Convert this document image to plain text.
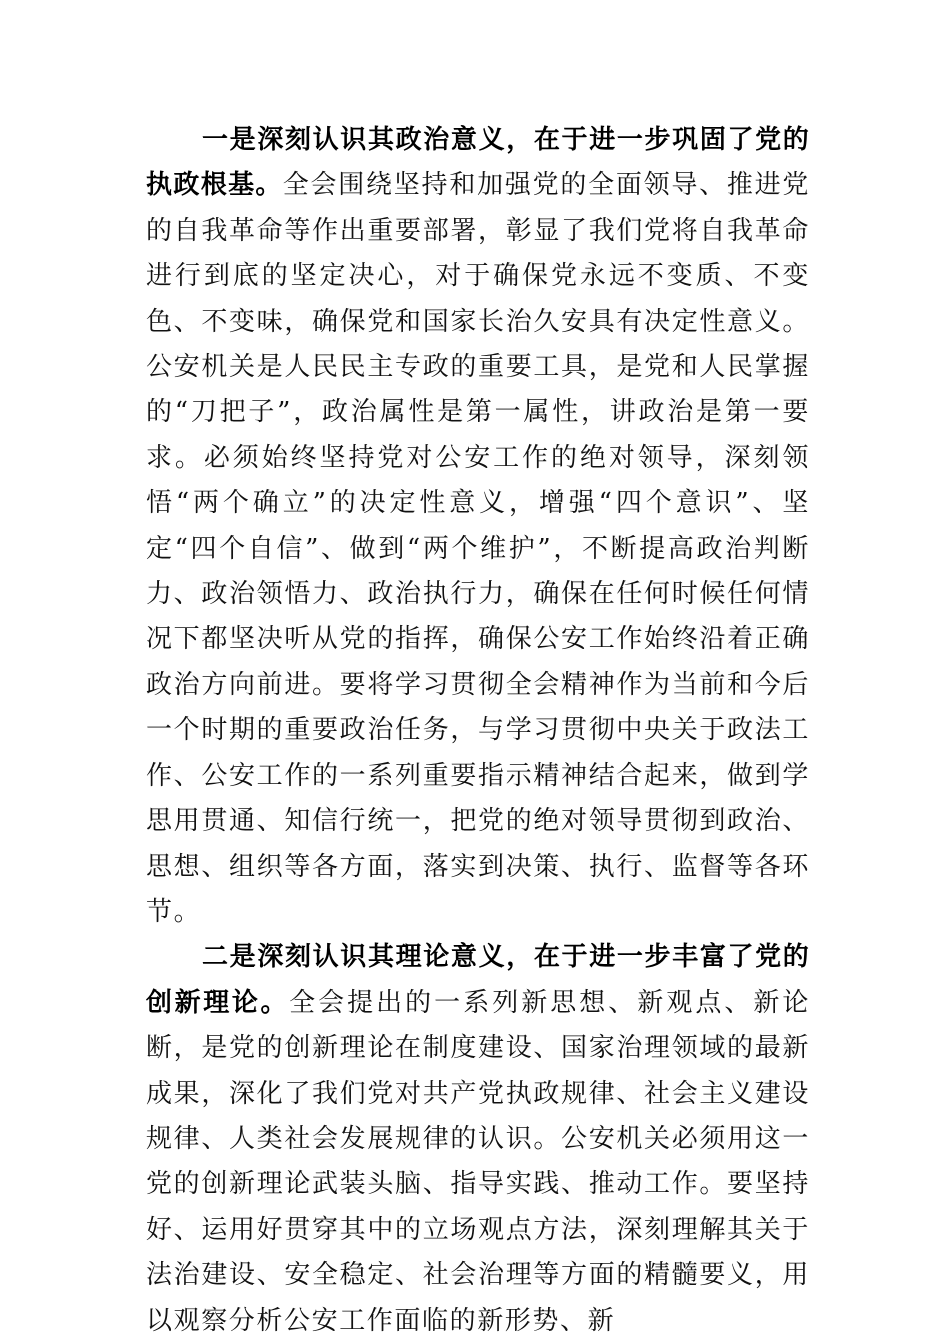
一是深刻认识其政治意义，在于进一步巩固了党的执政根基。全会围绕坚持和加强党的全面领导、推进党的自我革命等作出重要部署，彰显了我们党将自我革命进行到底的坚定决心，对于确保党永远不变质、不变色、不变味，确保党和国家长治久安具有决定性意义。公安机关是人民民主专政的重要工具，是党和人民掌握的“刀把子”，政治属性是第一属性，讲政治是第一要求。必须始终坚持党对公安工作的绝对领导，深刻领悟“两个确立”的决定性意义，增强“四个意识”、坚定“四个自信”、做到“两个维护”，不断提高政治判断力、政治领悟力、政治执行力，确保在任何时候任何情况下都坚决听从党的指挥，确保公安工作始终沿着正确政治方向前进。要将学习贯彻全会精神作为当前和今后一个时期的重要政治任务，与学习贯彻中央关于政法工作、公安工作的一系列重要指示精神结合起来，做到学思用贯通、知信行统一，把党的绝对领导贯彻到政治、思想、组织等各方面，落实到决策、执行、监督等各环节。

二是深刻认识其理论意义，在于进一步丰富了党的创新理论。全会提出的一系列新思想、新观点、新论断，是党的创新理论在制度建设、国家治理领域的最新成果，深化了我们党对共产党执政规律、社会主义建设规律、人类社会发展规律的认识。公安机关必须用这一党的创新理论武装头脑、指导实践、推动工作。要坚持好、运用好贯穿其中的立场观点方法，深刻理解其关于法治建设、安全稳定、社会治理等方面的精髓要义，用以观察分析公安工作面临的新形势、新
